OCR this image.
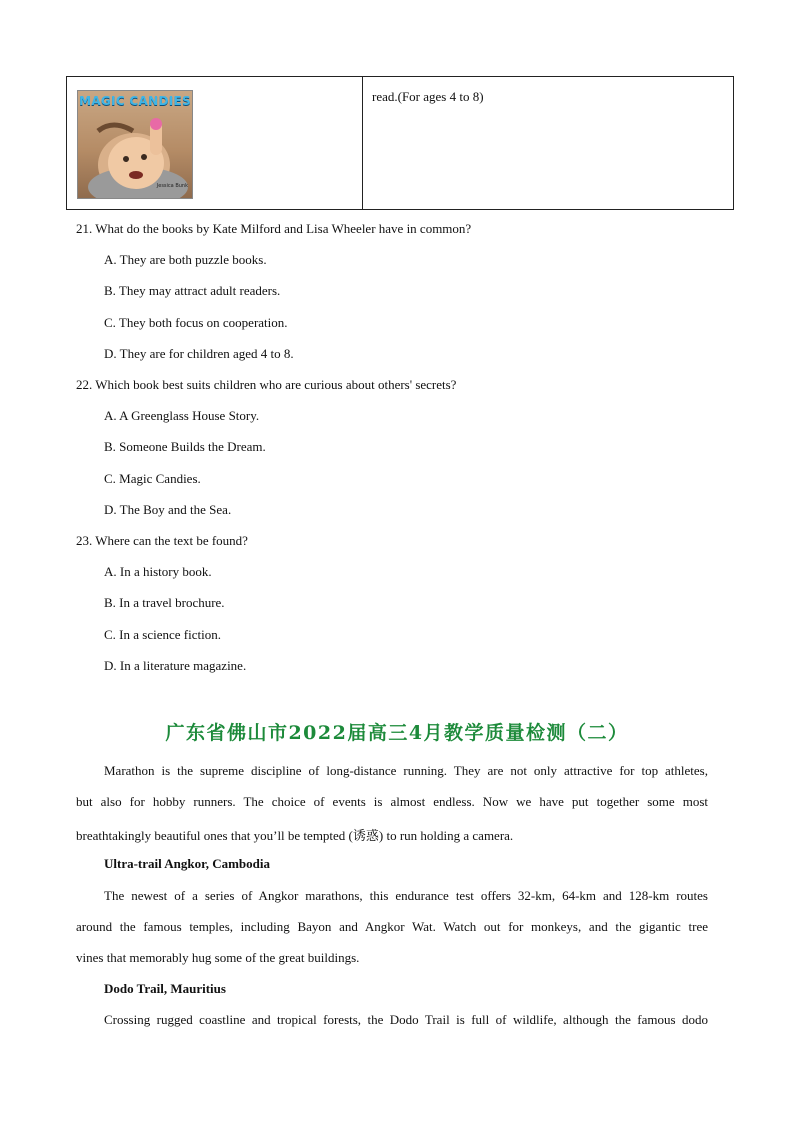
MAGIC CANDIES
Jessica Bunk
read.(For ages 4 to 8)
21. What do the books by Kate Milford and Lisa Wheeler have in common?
A. They are both puzzle books.
B. They may attract adult readers.
C. They both focus on cooperation.
D. They are for children aged 4 to 8.
22. Which book best suits children who are curious about others' secrets?
A. A Greenglass House Story.
B. Someone Builds the Dream.
C. Magic Candies.
D. The Boy and the Sea.
23. Where can the text be found?
A. In a history book.
B. In a travel brochure.
C. In a science fiction.
D. In a literature magazine.
广东省佛山市2022届高三4月教学质量检测（二）
Marathon is the supreme discipline of long-distance running. They are not only attractive for top athletes,
but also for hobby runners. The choice of events is almost endless. Now we have put together some most
breathtakingly beautiful ones that you’ll be tempted (诱惑) to run holding a camera.
Ultra-trail Angkor, Cambodia
The newest of a series of Angkor marathons, this endurance test offers 32-km, 64-km and 128-km routes
around the famous temples, including Bayon and Angkor Wat. Watch out for monkeys, and the gigantic tree
vines that memorably hug some of the great buildings.
Dodo Trail, Mauritius
Crossing rugged coastline and tropical forests, the Dodo Trail is full of wildlife, although the famous dodo
